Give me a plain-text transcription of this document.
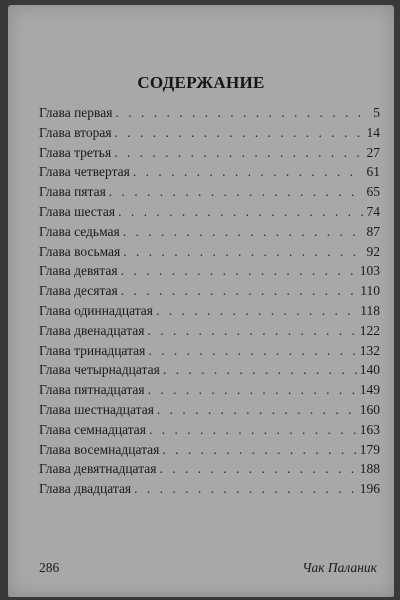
СОДЕРЖАНИЕ
Глава первая . . .	5
Глава вторая . . .	14
Глава третья . . .	27
Глава четвертая . . .	61
Глава пятая . . .	65
Глава шестая . . .	74
Глава седьмая . . .	87
Глава восьмая . . .	92
Глава девятая . . .	103
Глава десятая . . .	110
Глава одиннадцатая . . .	118
Глава двенадцатая . . .	122
Глава тринадцатая . . .	132
Глава четырнадцатая . . .	140
Глава пятнадцатая . . .	149
Глава шестнадцатая . . .	160
Глава семнадцатая . . .	163
Глава восемнадцатая . . .	179
Глава девятнадцатая . . .	188
Глава двадцатая . . .	196
286	Чак Паланик
